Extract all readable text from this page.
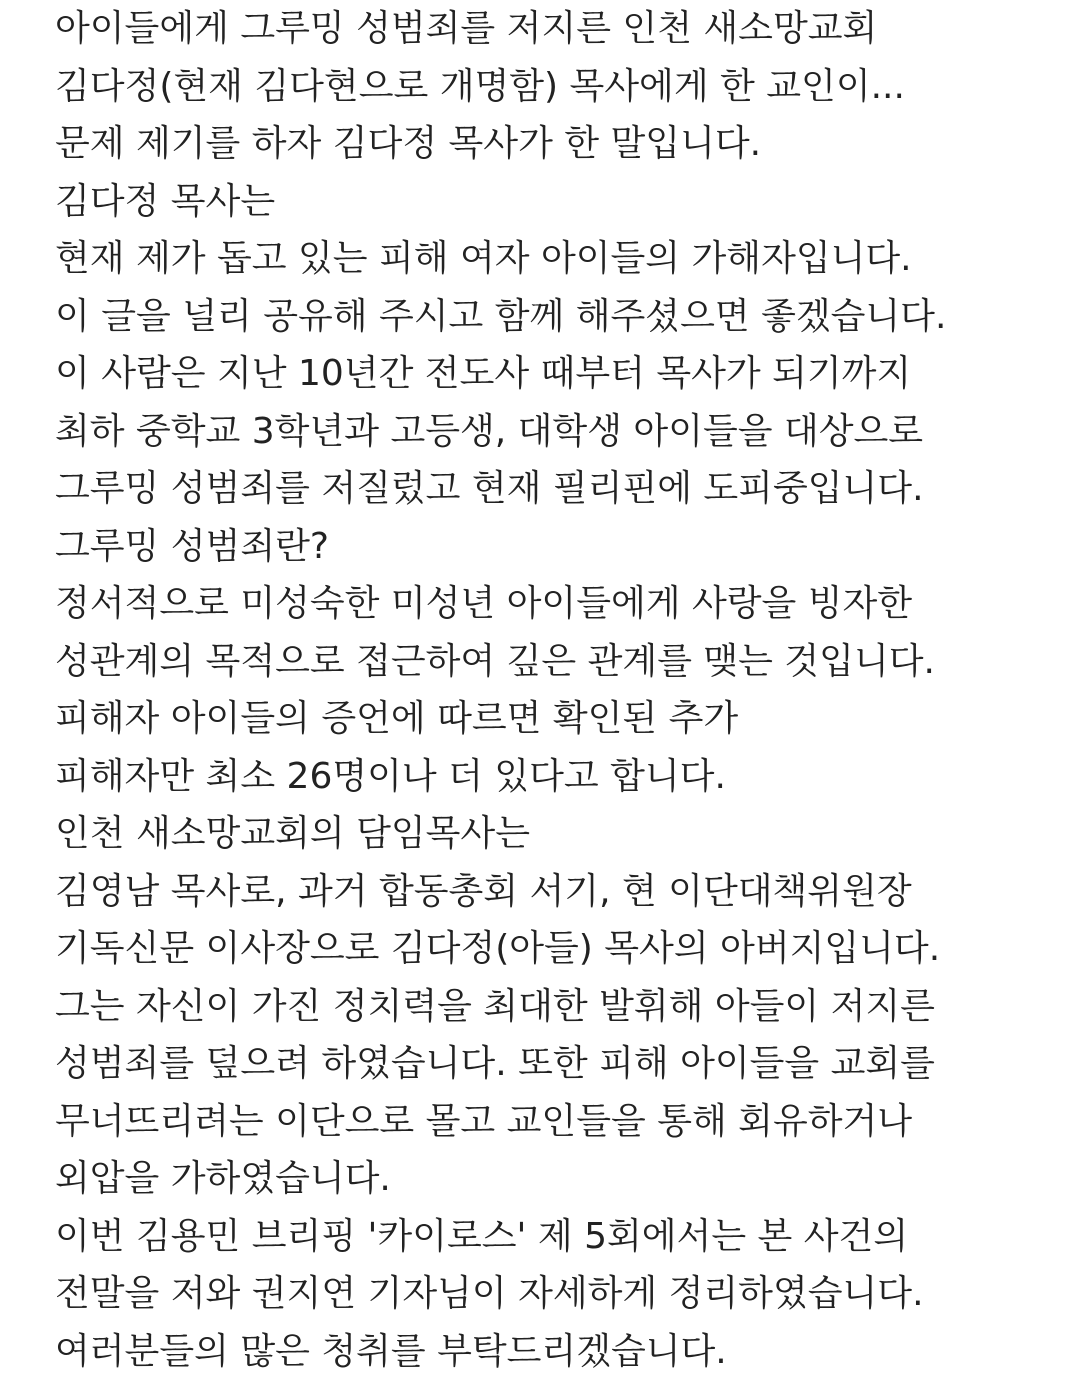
아이들에게 그루밍 성범죄를 저지른 인천 새소망교회
김다정(현재 김다현으로 개명함) 목사에게 한 교인이...
문제 제기를 하자 김다정 목사가 한 말입니다.
김다정 목사는
현재 제가 돕고 있는 피해 여자 아이들의 가해자입니다.
이 글을 널리 공유해 주시고 함께 해주셨으면 좋겠습니다.
이 사람은 지난 10년간 전도사 때부터 목사가 되기까지
최하 중학교 3학년과 고등생, 대학생 아이들을 대상으로
그루밍 성범죄를 저질렀고 현재 필리핀에 도피중입니다.
그루밍 성범죄란?
정서적으로 미성숙한 미성년 아이들에게 사랑을 빙자한
성관계의 목적으로 접근하여 깊은 관계를 맺는 것입니다.
피해자 아이들의 증언에 따르면 확인된 추가
피해자만 최소 26명이나 더 있다고 합니다.
인천 새소망교회의 담임목사는
김영남 목사로, 과거 합동총회 서기, 현 이단대책위원장
기독신문 이사장으로 김다정(아들) 목사의 아버지입니다.
그는 자신이 가진 정치력을 최대한 발휘해 아들이 저지른
성범죄를 덮으려 하였습니다. 또한 피해 아이들을 교회를
무너뜨리려는 이단으로 몰고 교인들을 통해 회유하거나
외압을 가하였습니다.
이번 김용민 브리핑 '카이로스' 제 5회에서는 본 사건의
전말을 저와 권지연 기자님이 자세하게 정리하였습니다.
여러분들의 많은 청취를 부탁드리겠습니다.
